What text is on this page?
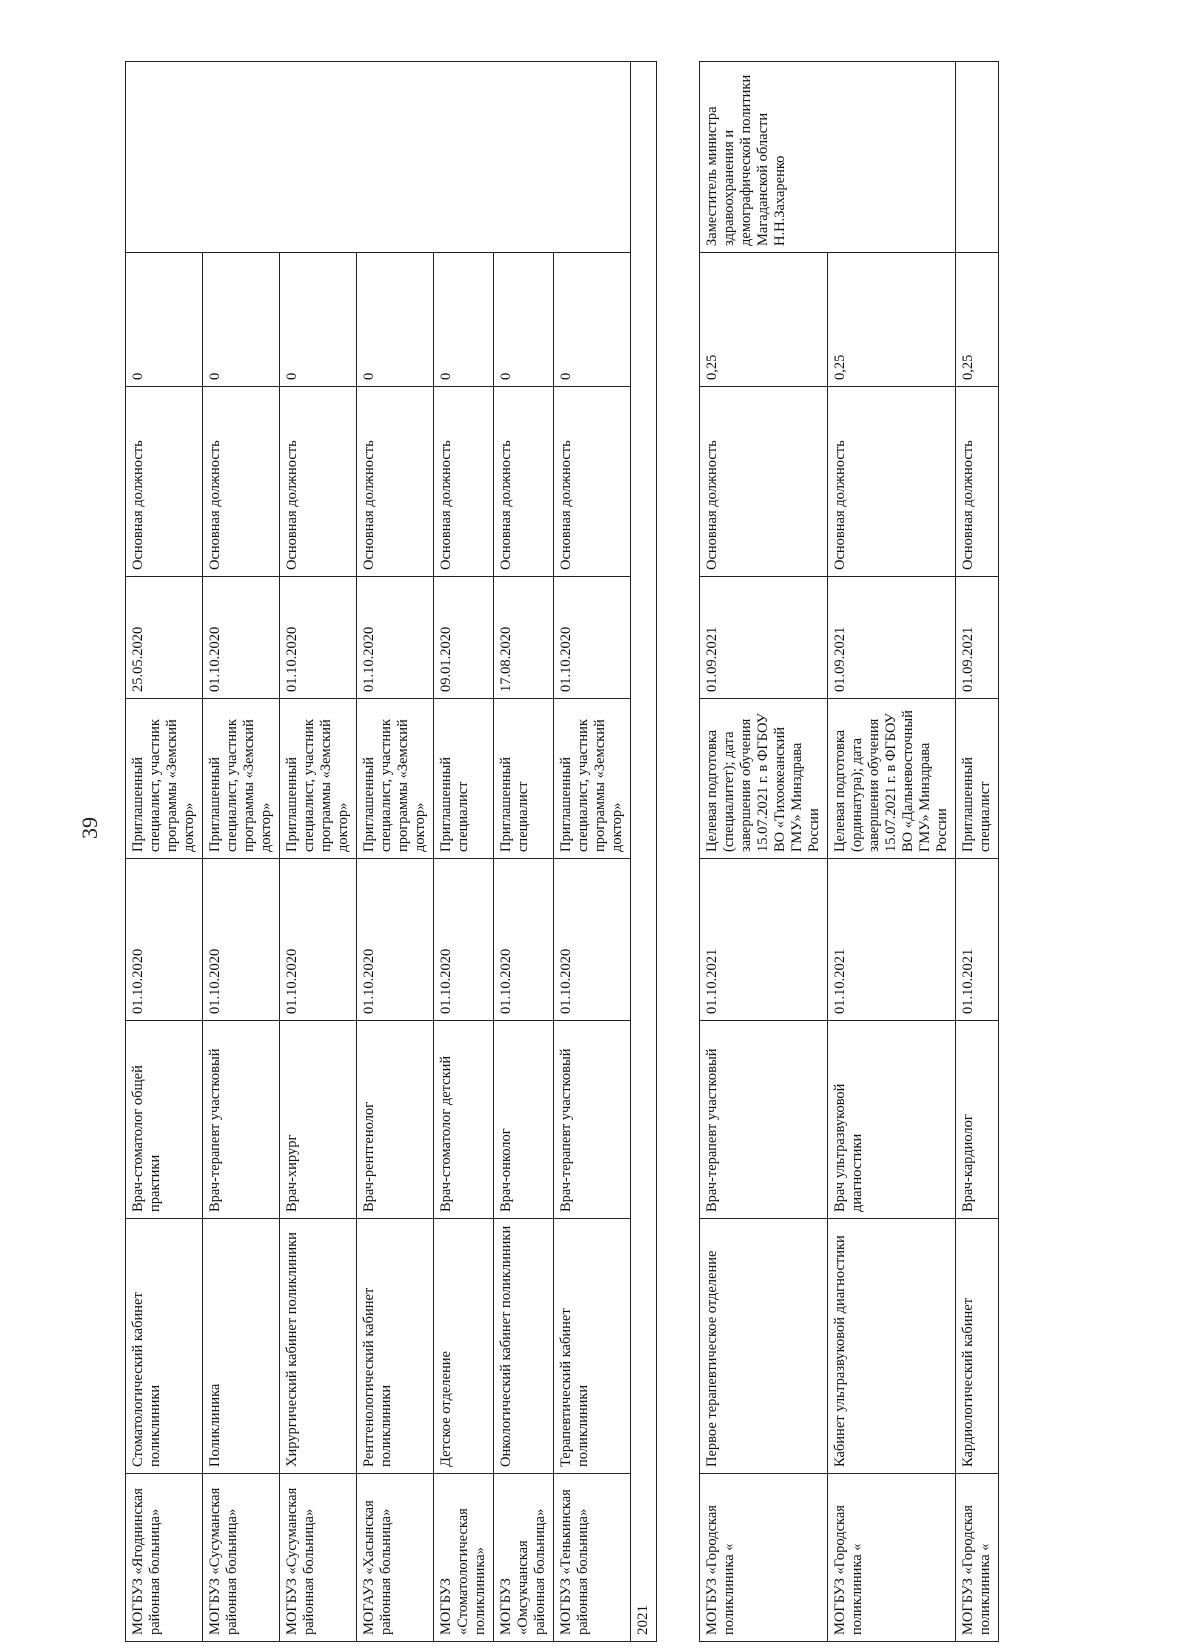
39
МОГБУЗ «Ягоднинская районная больница»	Стоматологический кабинет поликлиники	Врач-стоматолог общей практики	01.10.2020	Приглашенный специалист, участник программы «Земский доктор»	25.05.2020	Основная должность	0	
МОГБУЗ «Сусуманская районная больница»	Поликлиника	Врач-терапевт участковый	01.10.2020	Приглашенный специалист, участник программы «Земский доктор»	01.10.2020	Основная должность	0	
МОГБУЗ «Сусуманская районная больница»	Хирургический кабинет поликлиники	Врач-хирург	01.10.2020	Приглашенный специалист, участник программы «Земский доктор»	01.10.2020	Основная должность	0	
МОГАУЗ «Хасынская районная больница»	Рентгенологический кабинет поликлиники	Врач-рентгенолог	01.10.2020	Приглашенный специалист, участник программы «Земский доктор»	01.10.2020	Основная должность	0	
МОГБУЗ «Стоматологическая поликлиника»	Детское отделение	Врач-стоматолог детский	01.10.2020	Приглашенный специалист	09.01.2020	Основная должность	0	
МОГБУЗ «Омсукчанская районная больница»	Онкологический кабинет поликлиники	Врач-онколог	01.10.2020	Приглашенный специалист	17.08.2020	Основная должность	0	
МОГБУЗ «Тенькинская районная больница»	Терапевтический кабинет поликлиники	Врач-терапевт участковый	01.10.2020	Приглашенный специалист, участник программы «Земский доктор»	01.10.2020	Основная должность	0	
2021								

МОГБУЗ «Городская поликлиника «	Первое терапевтическое отделение	Врач-терапевт участковый	01.10.2021	Целевая подготовка (специалитет); дата завершения обучения 15.07.2021 г. в ФГБОУ ВО «Тихоокеанский ГМУ» Минздрава России	01.09.2021	Основная должность	0,25	Заместитель министра здравоохранения и демографической политики Магаданской области Н.Н.Захаренко
МОГБУЗ «Городская поликлиника «	Кабинет ультразвуковой диагностики	Врач ультразвуковой диагностики	01.10.2021	Целевая подготовка (ординатура); дата завершения обучения 15.07.2021 г. в ФГБОУ ВО «Дальневосточный ГМУ» Минздрава России	01.09.2021	Основная должность	0,25	
МОГБУЗ «Городская поликлиника «	Кардиологический кабинет	Врач-кардиолог	01.10.2021	Приглашенный специалист	01.09.2021	Основная должность	0,25	
